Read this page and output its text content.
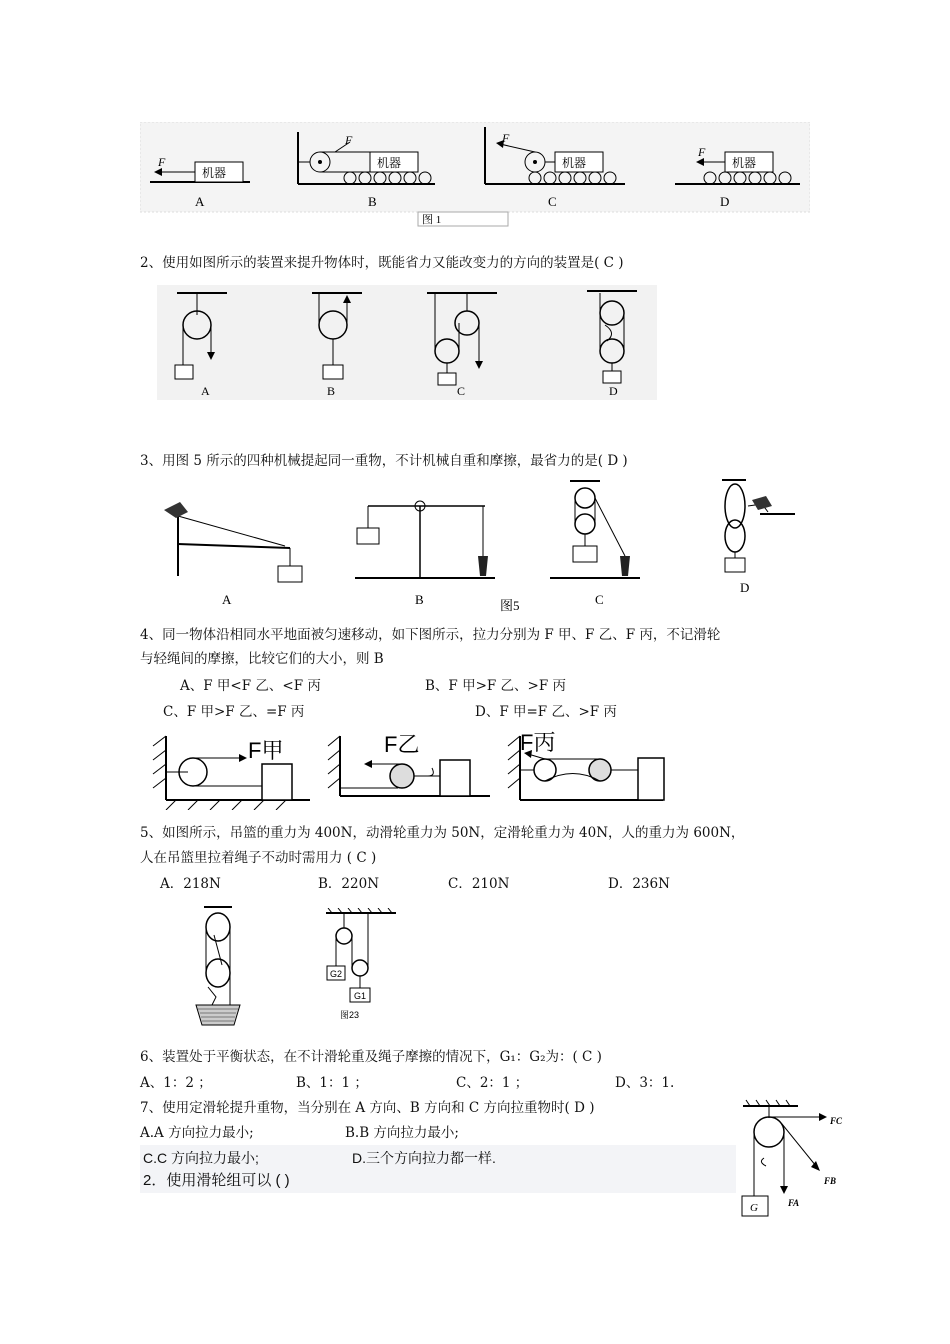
机器
F
A
机器
F
B
机器
F
C
机器
F
D
图 1
2、使用如图所示的装置来提升物体时，既能省力又能改变力的方向的装置是( C )
A	B	C	D
3、用图 5 所示的四种机械提起同一重物，不计机械自重和摩擦，最省力的是( D )
A	B	C
D
图5
4、同一物体沿相同水平地面被匀速移动，如下图所示，拉力分别为 F 甲、F 乙、F 丙，不记滑轮
与轻绳间的摩擦，比较它们的大小，则 B
A、F 甲<F 乙、<F 丙	B、F 甲>F 乙、>F 丙
C、F 甲>F 乙、=F 丙	D、F 甲=F 乙、>F 丙
F甲	F乙	F丙
5、如图所示，吊篮的重力为 400N，动滑轮重力为 50N，定滑轮重力为 40N，人的重力为 600N，
人在吊篮里拉着绳子不动时需用力 ( C )
A．218N	B．220N	C．210N	D．236N
G2
G1
图23
6、装置处于平衡状态，在不计滑轮重及绳子摩擦的情况下，G₁：G₂为：( C )
A、1：2 ；	B、1：1 ；	C、2：1 ；	D、3：1.
7、使用定滑轮提升重物，当分别在 A 方向、B 方向和 C 方向拉重物时( D )
A.A 方向拉力最小;	B.B 方向拉力最小;
C.C 方向拉力最小;	D.三个方向拉力都一样.
2．使用滑轮组可以 ( )
G	FA
FB
FC
